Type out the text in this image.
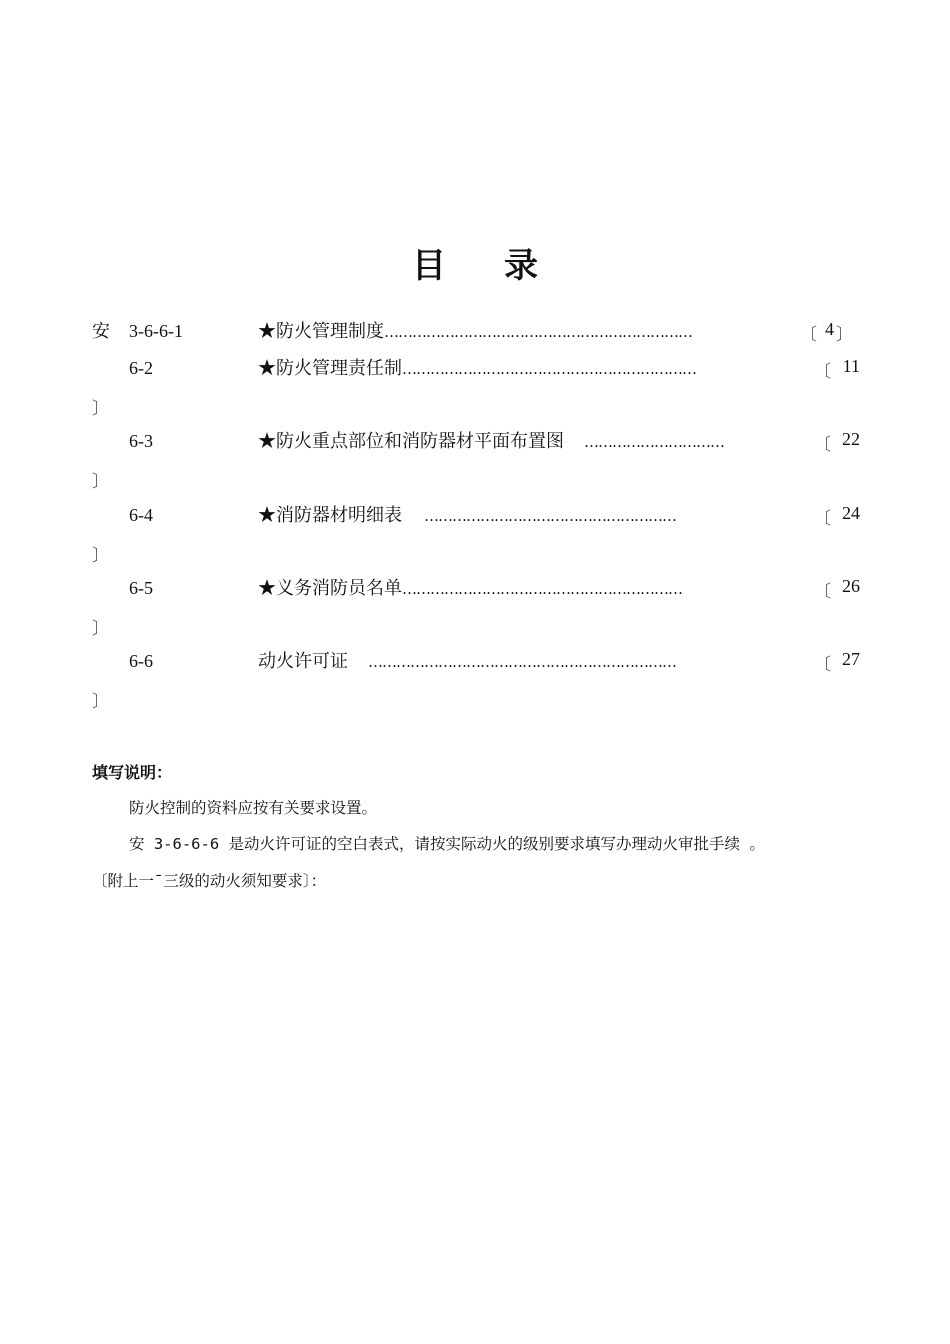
目 录
安 3-6-6-1	★防火管理制度…………………………………………………………	〔 4 〕
6-2	★防火管理责任制………………………………………………………	〔 11
〕
6-3	★防火重点部位和消防器材平面布置图 …………………………	〔 22
〕
6-4	★消防器材明细表 ………………………………………………	〔 24
〕
6-5	★义务消防员名单……………………………………………………	〔 26
〕
6-6	动火许可证 …………………………………………………………	〔 27
〕
填写说明：
防火控制的资料应按有关要求设置。
安 3-6-6-6 是动火许可证的空白表式，请按实际动火的级别要求填写办理动火审批手续 。
〔附上一¯三级的动火须知要求〕：
